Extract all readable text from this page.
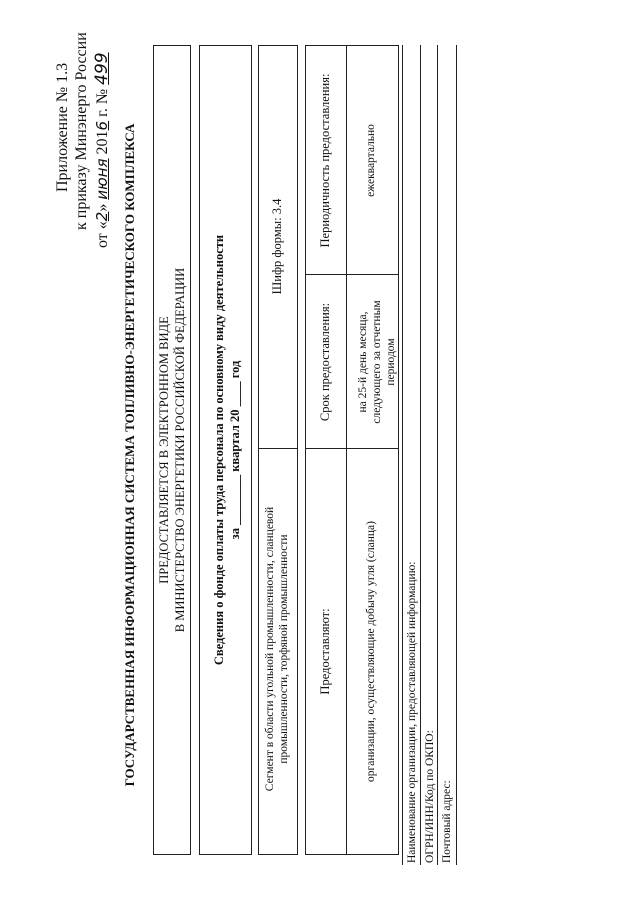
Приложение № 1.3 к приказу Минэнерго России
от «2» июня 2016 г. № 499
ГОСУДАРСТВЕННАЯ ИНФОРМАЦИОННАЯ СИСТЕМА ТОПЛИВНО-ЭНЕРГЕТИЧЕСКОГО КОМПЛЕКСА ПРЕДОСТАВЛЯЕТСЯ В ЭЛЕКТРОННОМ ВИДЕ В МИНИСТЕРСТВО ЭНЕРГЕТИКИ РОССИЙСКОЙ ФЕДЕРАЦИИ Сведения о фонде оплаты труда персонала по основному виду деятельности за ________ квартал 20 ____ год
Сегмент в области угольной промышленности, сланцевой промышленности, торфяной промышленности
Шифр формы: 3.4
Предоставляют:
Срок предоставления:
Периодичность предоставления:
организации, осуществляющие добычу угля (сланца)
на 25-й день месяца, следующего за отчетным периодом
ежеквартально
Наименование организации, предоставляющей информацию: ОГРН/ИНН/Код по ОКПО: Почтовый адрес:
